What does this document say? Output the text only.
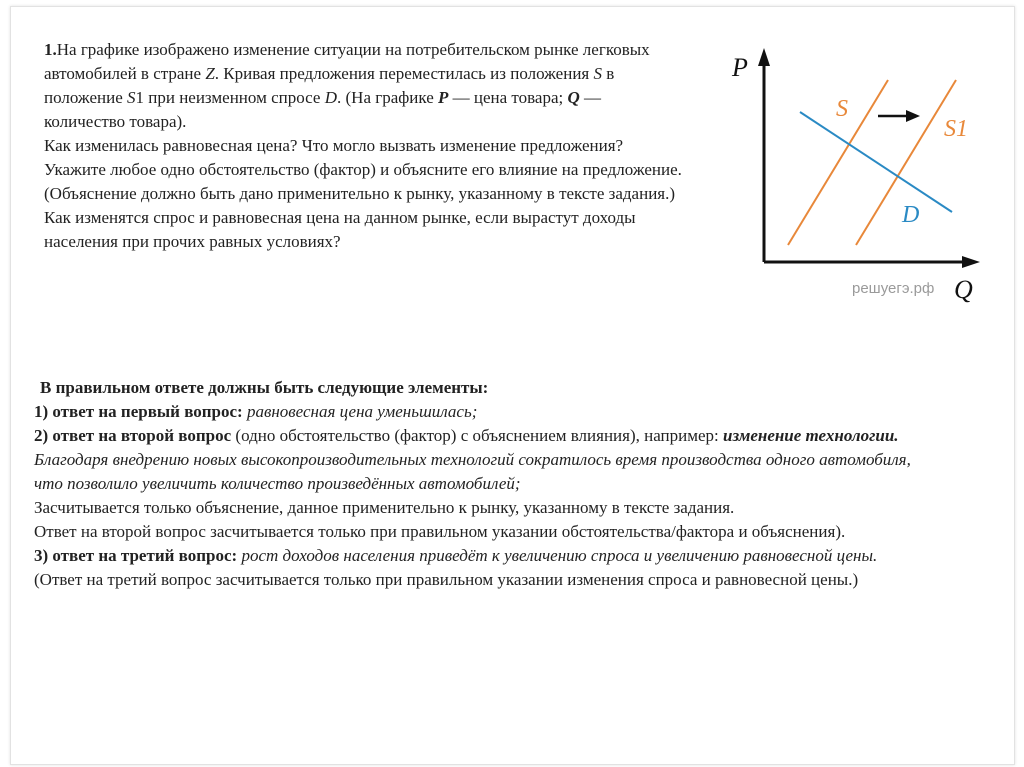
1.На графике изображено изменение ситуации на потребительском рынке легковых автомобилей в стране Z. Кривая предложения переместилась из положения S в положение S1 при неизменном спросе D. (На графике P — цена товара; Q — количество товара).

Как изменилась равновесная цена? Что могло вызвать изменение предложения?

Укажите любое одно обстоятельство (фактор) и объясните его влияние на предложение. (Объяснение должно быть дано применительно к рынку, указанному в тексте задания.)

Как изменятся спрос и равновесная цена на данном рынке, если вырастут доходы населения при прочих равных условиях?

P
Q
S
S1
D
решуегэ.рф

В правильном ответе должны быть следующие элементы:

1) ответ на первый вопрос: равновесная цена уменьшилась;

2) ответ на второй вопрос (одно обстоятельство (фактор) с объяснением влияния), например: изменение технологии. Благодаря внедрению новых высокопроизводительных технологий сократилось время производства одного автомобиля, что позволило увеличить количество произведённых автомобилей;

Засчитывается только объяснение, данное применительно к рынку, указанному в тексте задания.

Ответ на второй вопрос засчитывается только при правильном указании обстоятельства/фактора и объяснения).

3) ответ на третий вопрос: рост доходов населения приведёт к увеличению спроса и увеличению равновесной цены.

(Ответ на третий вопрос засчитывается только при правильном указании изменения спроса и равновесной цены.)
